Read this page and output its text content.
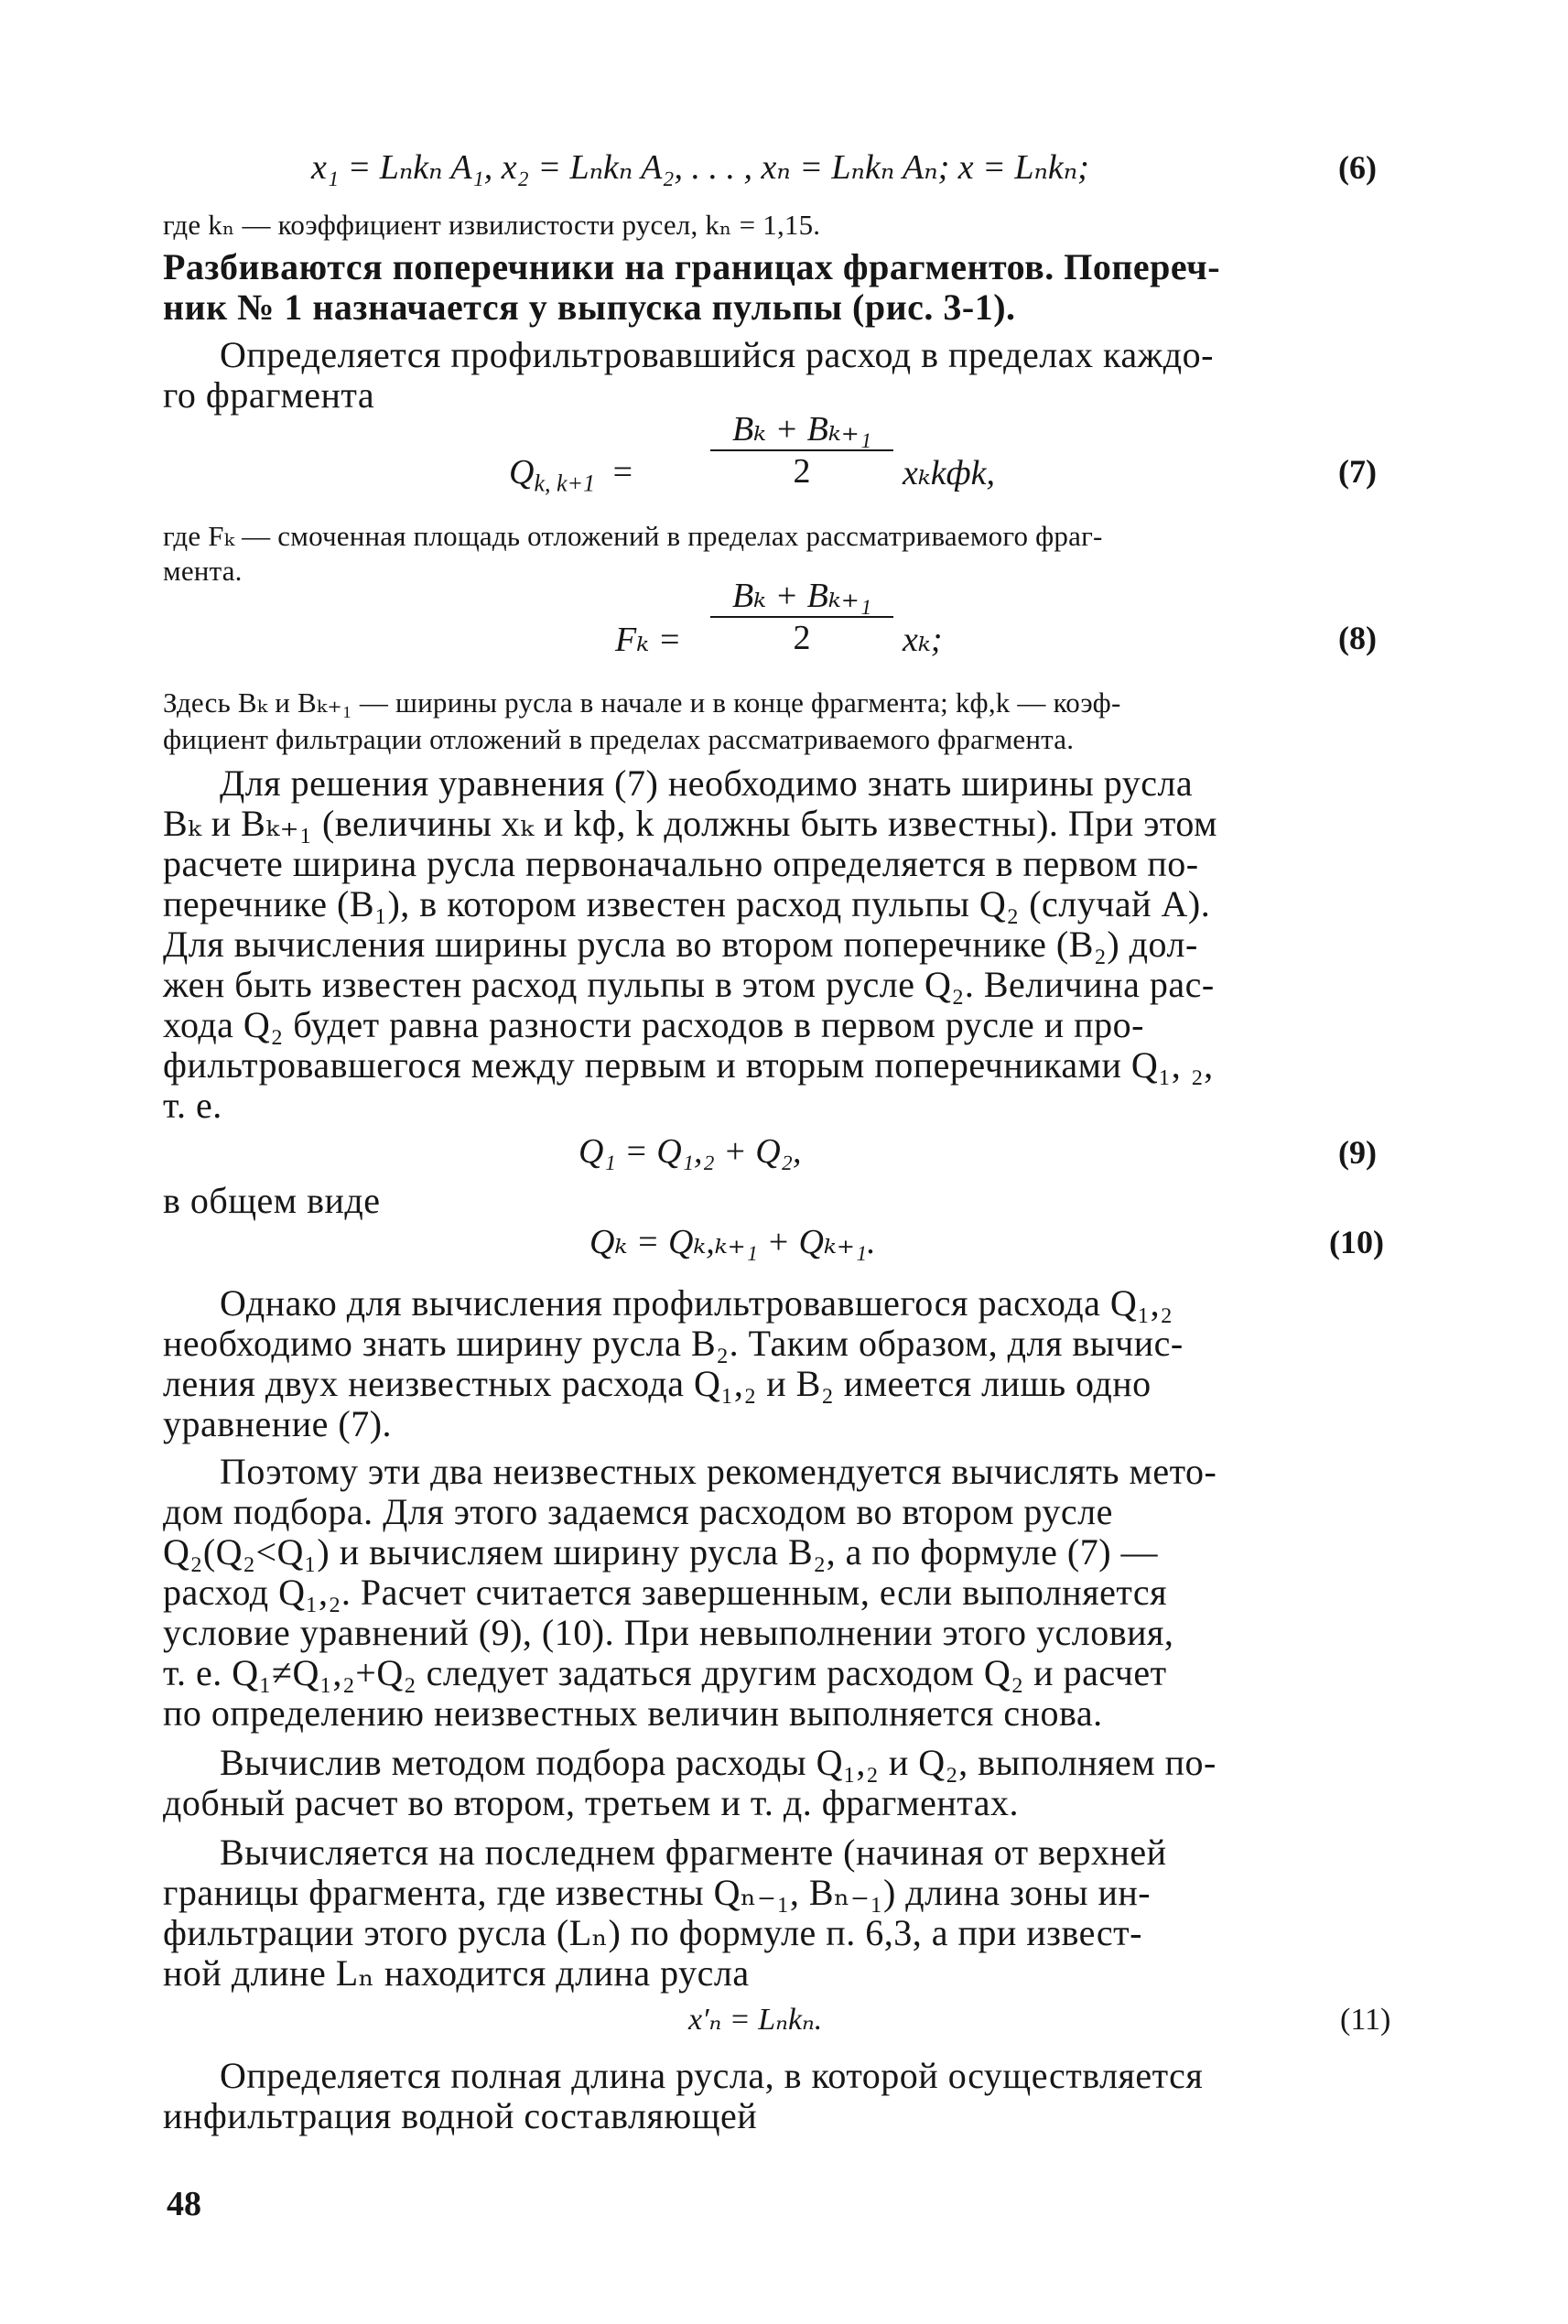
x₁ = Lₙkₙ A₁, x₂ = Lₙkₙ A₂, . . . , xₙ = Lₙkₙ Aₙ; x = Lₙkₙ;	(6)
где kₙ — коэффициент извилистости русел, kₙ = 1,15.
Разбиваются поперечники на границах фрагментов. Попереч-
ник № 1 назначается у выпуска пульпы (рис. 3-1).
Определяется профильтровавшийся расход в пределах каждо-
го фрагмента
$Q_{k, k+1}$ =
Bₖ + Bₖ₊₁
2	xₖkфk,	(7)
где Fₖ — смоченная площадь отложений в пределах рассматриваемого фраг-
мента.
Fₖ =
Bₖ + Bₖ₊₁
2	xₖ;	(8)
Здесь Bₖ и Bₖ₊₁ — ширины русла в начале и в конце фрагмента; kф,k — коэф-
фициент фильтрации отложений в пределах рассматриваемого фрагмента.
Для решения уравнения (7) необходимо знать ширины русла
Bₖ и Bₖ₊₁ (величины xₖ и kф, k должны быть известны). При этом
расчете ширина русла первоначально определяется в первом по-
перечнике (B₁), в котором известен расход пульпы Q₂ (случай А).
Для вычисления ширины русла во втором поперечнике (B₂) дол-
жен быть известен расход пульпы в этом русле Q₂. Величина рас-
хода Q₂ будет равна разности расходов в первом русле и про-
фильтровавшегося между первым и вторым поперечниками Q₁, ₂,
т. е.
Q₁ = Q₁,₂ + Q₂,	(9)
в общем виде
Qₖ = Qₖ,ₖ₊₁ + Qₖ₊₁.	(10)
Однако для вычисления профильтровавшегося расхода Q₁,₂
необходимо знать ширину русла B₂. Таким образом, для вычис-
ления двух неизвестных расхода Q₁,₂ и B₂ имеется лишь одно
уравнение (7).
Поэтому эти два неизвестных рекомендуется вычислять мето-
дом подбора. Для этого задаемся расходом во втором русле
Q₂(Q₂<Q₁) и вычисляем ширину русла B₂, а по формуле (7) —
расход Q₁,₂. Расчет считается завершенным, если выполняется
условие уравнений (9), (10). При невыполнении этого условия,
т. е. Q₁≠Q₁,₂+Q₂ следует задаться другим расходом Q₂ и расчет
по определению неизвестных величин выполняется снова.
Вычислив методом подбора расходы Q₁,₂ и Q₂, выполняем по-
добный расчет во втором, третьем и т. д. фрагментах.
Вычисляется на последнем фрагменте (начиная от верхней
границы фрагмента, где известны Qₙ₋₁, Bₙ₋₁) длина зоны ин-
фильтрации этого русла (Lₙ) по формуле п. 6,3, а при извест-
ной длине Lₙ находится длина русла
x′ₙ = Lₙkₙ.	(11)
Определяется полная длина русла, в которой осуществляется
инфильтрация водной составляющей
48
